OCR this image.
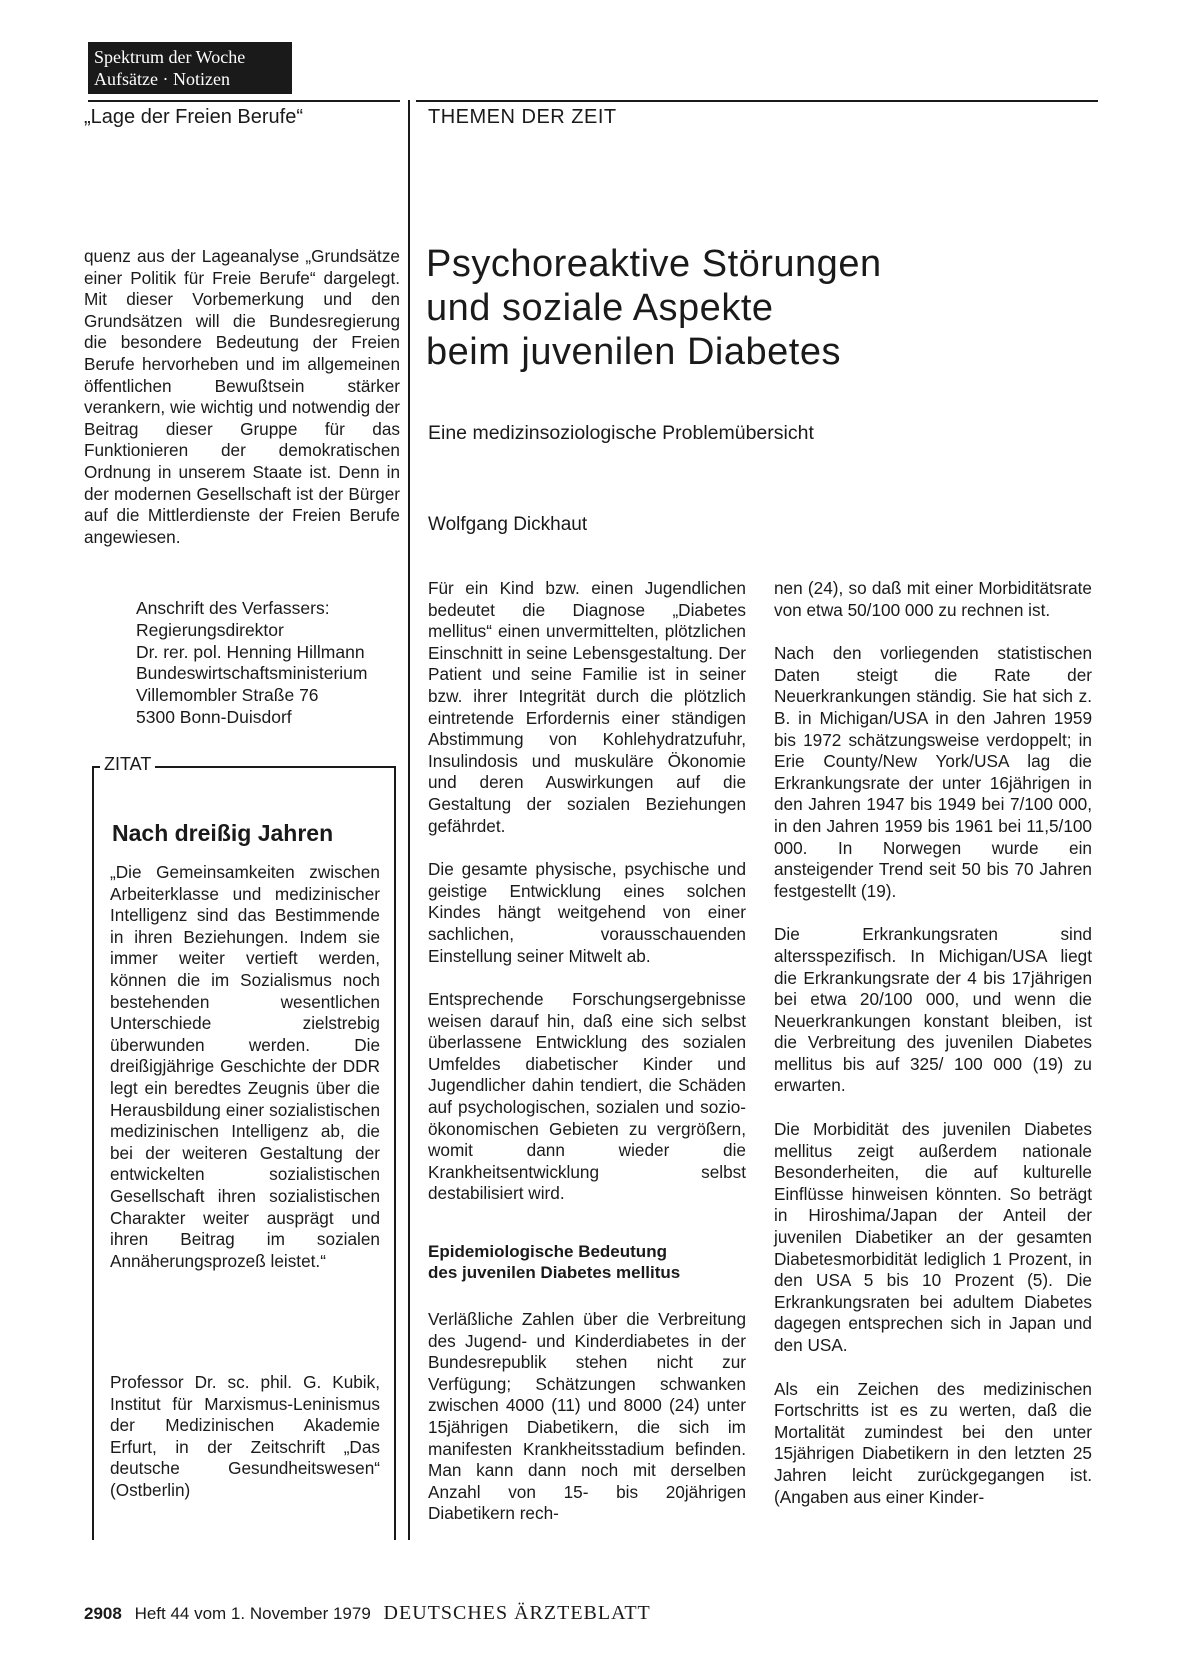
Spektrum der Woche
Aufsätze · Notizen
„Lage der Freien Berufe“	THEMEN DER ZEIT

quenz aus der Lageanalyse „Grundsätze einer Politik für Freie Berufe“ dargelegt. Mit dieser Vorbemerkung und den Grundsätzen will die Bundesregierung die besondere Bedeutung der Freien Berufe hervorheben und im allgemeinen öffentlichen Bewußtsein stärker verankern, wie wichtig und notwendig der Beitrag dieser Gruppe für das Funktionieren der demokratischen Ordnung in unserem Staate ist. Denn in der modernen Gesellschaft ist der Bürger auf die Mittlerdienste der Freien Berufe angewiesen.

Anschrift des Verfassers:
Regierungsdirektor
Dr. rer. pol. Henning Hillmann
Bundeswirtschaftsministerium
Villemombler Straße 76
5300 Bonn-Duisdorf
ZITAT
Nach dreißig Jahren

„Die Gemeinsamkeiten zwischen Arbeiterklasse und medizinischer Intelligenz sind das Bestimmende in ihren Beziehungen. Indem sie immer weiter vertieft werden, können die im Sozialismus noch bestehenden wesentlichen Unterschiede zielstrebig überwunden werden. Die dreißigjährige Geschichte der DDR legt ein beredtes Zeugnis über die Herausbildung einer sozialistischen medizinischen Intelligenz ab, die bei der weiteren Gestaltung der entwickelten sozialistischen Gesellschaft ihren sozialistischen Charakter weiter ausprägt und ihren Beitrag im sozialen Annäherungsprozeß leistet.“

Professor Dr. sc. phil. G. Kubik, Institut für Marxismus-Leninismus der Medizinischen Akademie Erfurt, in der Zeitschrift „Das deutsche Gesundheitswesen“ (Ostberlin)

Psychoreaktive Störungen
und soziale Aspekte
beim juvenilen Diabetes
Eine medizinsoziologische Problemübersicht
Wolfgang Dickhaut

Für ein Kind bzw. einen Jugendlichen bedeutet die Diagnose „Diabetes mellitus“ einen unvermittelten, plötzlichen Einschnitt in seine Lebensgestaltung. Der Patient und seine Familie ist in seiner bzw. ihrer Integrität durch die plötzlich eintretende Erfordernis einer ständigen Abstimmung von Kohlehydratzufuhr, Insulindosis und muskuläre Ökonomie und deren Auswirkungen auf die Gestaltung der sozialen Beziehungen gefährdet.

Die gesamte physische, psychische und geistige Entwicklung eines solchen Kindes hängt weitgehend von einer sachlichen, vorausschauenden Einstellung seiner Mitwelt ab.

Entsprechende Forschungsergebnisse weisen darauf hin, daß eine sich selbst überlassene Entwicklung des sozialen Umfeldes diabetischer Kinder und Jugendlicher dahin tendiert, die Schäden auf psychologischen, sozialen und sozio-ökonomischen Gebieten zu vergrößern, womit dann wieder die Krankheitsentwicklung selbst destabilisiert wird.

Epidemiologische Bedeutung
des juvenilen Diabetes mellitus

Verläßliche Zahlen über die Verbreitung des Jugend- und Kinderdiabetes in der Bundesrepublik stehen nicht zur Verfügung; Schätzungen schwanken zwischen 4000 (11) und 8000 (24) unter 15jährigen Diabetikern, die sich im manifesten Krankheitsstadium befinden. Man kann dann noch mit derselben Anzahl von 15- bis 20jährigen Diabetikern rech-

nen (24), so daß mit einer Morbiditätsrate von etwa 50/100 000 zu rechnen ist.

Nach den vorliegenden statistischen Daten steigt die Rate der Neuerkrankungen ständig. Sie hat sich z. B. in Michigan/USA in den Jahren 1959 bis 1972 schätzungsweise verdoppelt; in Erie County/New York/USA lag die Erkrankungsrate der unter 16jährigen in den Jahren 1947 bis 1949 bei 7/100 000, in den Jahren 1959 bis 1961 bei 11,5/100 000. In Norwegen wurde ein ansteigender Trend seit 50 bis 70 Jahren festgestellt (19).

Die Erkrankungsraten sind altersspezifisch. In Michigan/USA liegt die Erkrankungsrate der 4 bis 17jährigen bei etwa 20/100 000, und wenn die Neuerkrankungen konstant bleiben, ist die Verbreitung des juvenilen Diabetes mellitus bis auf 325/ 100 000 (19) zu erwarten.

Die Morbidität des juvenilen Diabetes mellitus zeigt außerdem nationale Besonderheiten, die auf kulturelle Einflüsse hinweisen könnten. So beträgt in Hiroshima/Japan der Anteil der juvenilen Diabetiker an der gesamten Diabetesmorbidität lediglich 1 Prozent, in den USA 5 bis 10 Prozent (5). Die Erkrankungsraten bei adultem Diabetes dagegen entsprechen sich in Japan und den USA.

Als ein Zeichen des medizinischen Fortschritts ist es zu werten, daß die Mortalität zumindest bei den unter 15jährigen Diabetikern in den letzten 25 Jahren leicht zurückgegangen ist. (Angaben aus einer Kinder-

2908 Heft 44 vom 1. November 1979 DEUTSCHES ÄRZTEBLATT
